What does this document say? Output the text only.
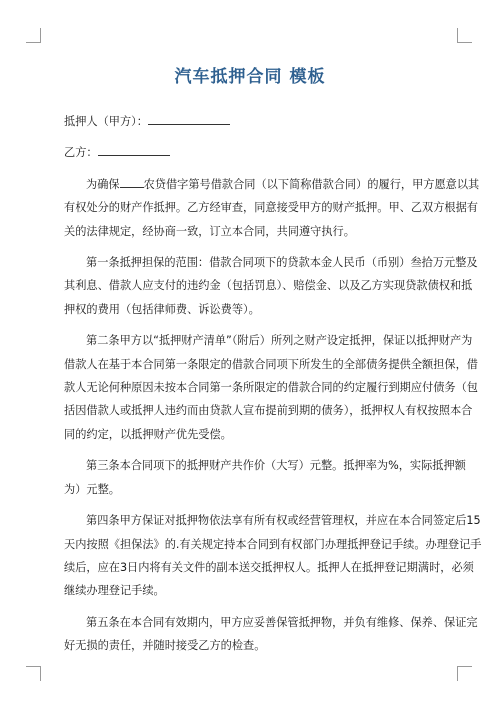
汽车抵押合同 模板
抵押人（甲方）：
乙方：
为确保 农贷借字第号借款合同（以下简称借款合同）的履行，甲方愿意以其
有权处分的财产作抵押。乙方经审查，同意接受甲方的财产抵押。甲、乙双方根据有
关的法律规定，经协商一致，订立本合同，共同遵守执行。
第一条抵押担保的范围：借款合同项下的贷款本金人民币（币别）叁拾万元整及
其利息、借款人应支付的违约金（包括罚息）、赔偿金、以及乙方实现贷款债权和抵
押权的费用（包括律师费、诉讼费等）。
第二条甲方以“抵押财产清单”（附后）所列之财产设定抵押，保证以抵押财产为
借款人在基于本合同第一条限定的借款合同项下所发生的全部债务提供全额担保，借
款人无论何种原因未按本合同第一条所限定的借款合同的约定履行到期应付债务（包
括因借款人或抵押人违约而由贷款人宣布提前到期的债务），抵押权人有权按照本合
同的约定，以抵押财产优先受偿。
第三条本合同项下的抵押财产共作价（大写）元整。抵押率为%，实际抵押额
为）元整。
第四条甲方保证对抵押物依法享有所有权或经营管理权，并应在本合同签定后15
天内按照《担保法》的.有关规定持本合同到有权部门办理抵押登记手续。办理登记手
续后，应在3日内将有关文件的副本送交抵押权人。抵押人在抵押登记期满时，必须
继续办理登记手续。
第五条在本合同有效期内，甲方应妥善保管抵押物，并负有维修、保养、保证完
好无损的责任，并随时接受乙方的检查。
